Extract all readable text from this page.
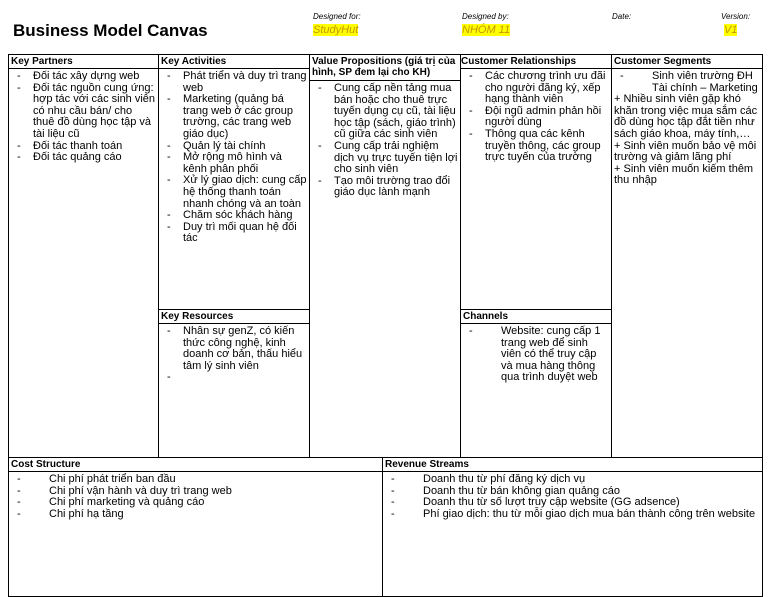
Business Model Canvas
Designed for:
StudyHut
Designed by:
NHÓM 11
Date:	Version:
V1
Key Partners
- Đối tác xây dựng web
- Đối tác nguồn cung ứng: hợp tác với các sinh viên có nhu cầu bán/ cho thuê đồ dùng học tập và tài liệu cũ
- Đối tác thanh toán
- Đối tác quảng cáo
Key Activities
- Phát triển và duy trì trang web
- Marketing (quảng bá trang web ở các group trường, các trang web giáo dục)
- Quản lý tài chính
- Mở rộng mô hình và kênh phân phối
- Xử lý giao dịch: cung cấp hệ thống thanh toán nhanh chóng và an toàn
- Chăm sóc khách hàng
- Duy trì mối quan hệ đối tác
Key Resources
- Nhân sự genZ, có kiến thức công nghệ, kinh doanh cơ bản, thấu hiểu tâm lý sinh viên
-
Value Propositions (giá trị của
hình, SP đem lại cho KH)
- Cung cấp nền tảng mua bán hoặc cho thuê trực tuyến dụng cụ cũ, tài liệu học tập (sách, giáo trình) cũ giữa các sinh viên
- Cung cấp trải nghiệm dịch vụ trực tuyến tiện lợi cho sinh viên
- Tạo môi trường trao đổi giáo dục lành mạnh

- Các chương trình ưu đãi cho người đăng ký, xếp hạng thành viên
- Đội ngũ admin phản hồi người dùng
- Thông qua các kênh truyền thông, các group trực tuyến của trường
Customer Relationships
Channels
- Website: cung cấp 1 trang web để sinh viên có thể truy cập và mua hàng thông qua trình duyệt web
Customer Segments
- Sinh viên trường ĐH Tài chính – Marketing
+ Nhiều sinh viên gặp khó khăn trong việc mua sắm các đồ dùng học tập đắt tiền như sách giáo khoa, máy tính,…
+ Sinh viên muốn bảo vệ môi trường và giảm lãng phí
+ Sinh viên muốn kiếm thêm thu nhập
Cost Structure
- Chi phí phát triển ban đầu
- Chi phí vận hành và duy trì trang web
- Chi phí marketing và quảng cáo
- Chi phí hạ tầng
Revenue Streams
- Doanh thu từ phí đăng ký dịch vụ
- Doanh thu từ bán không gian quảng cáo
- Doanh thu từ số lượt truy cập website (GG adsence)
- Phí giao dịch: thu từ mỗi giao dịch mua bán thành công trên website
